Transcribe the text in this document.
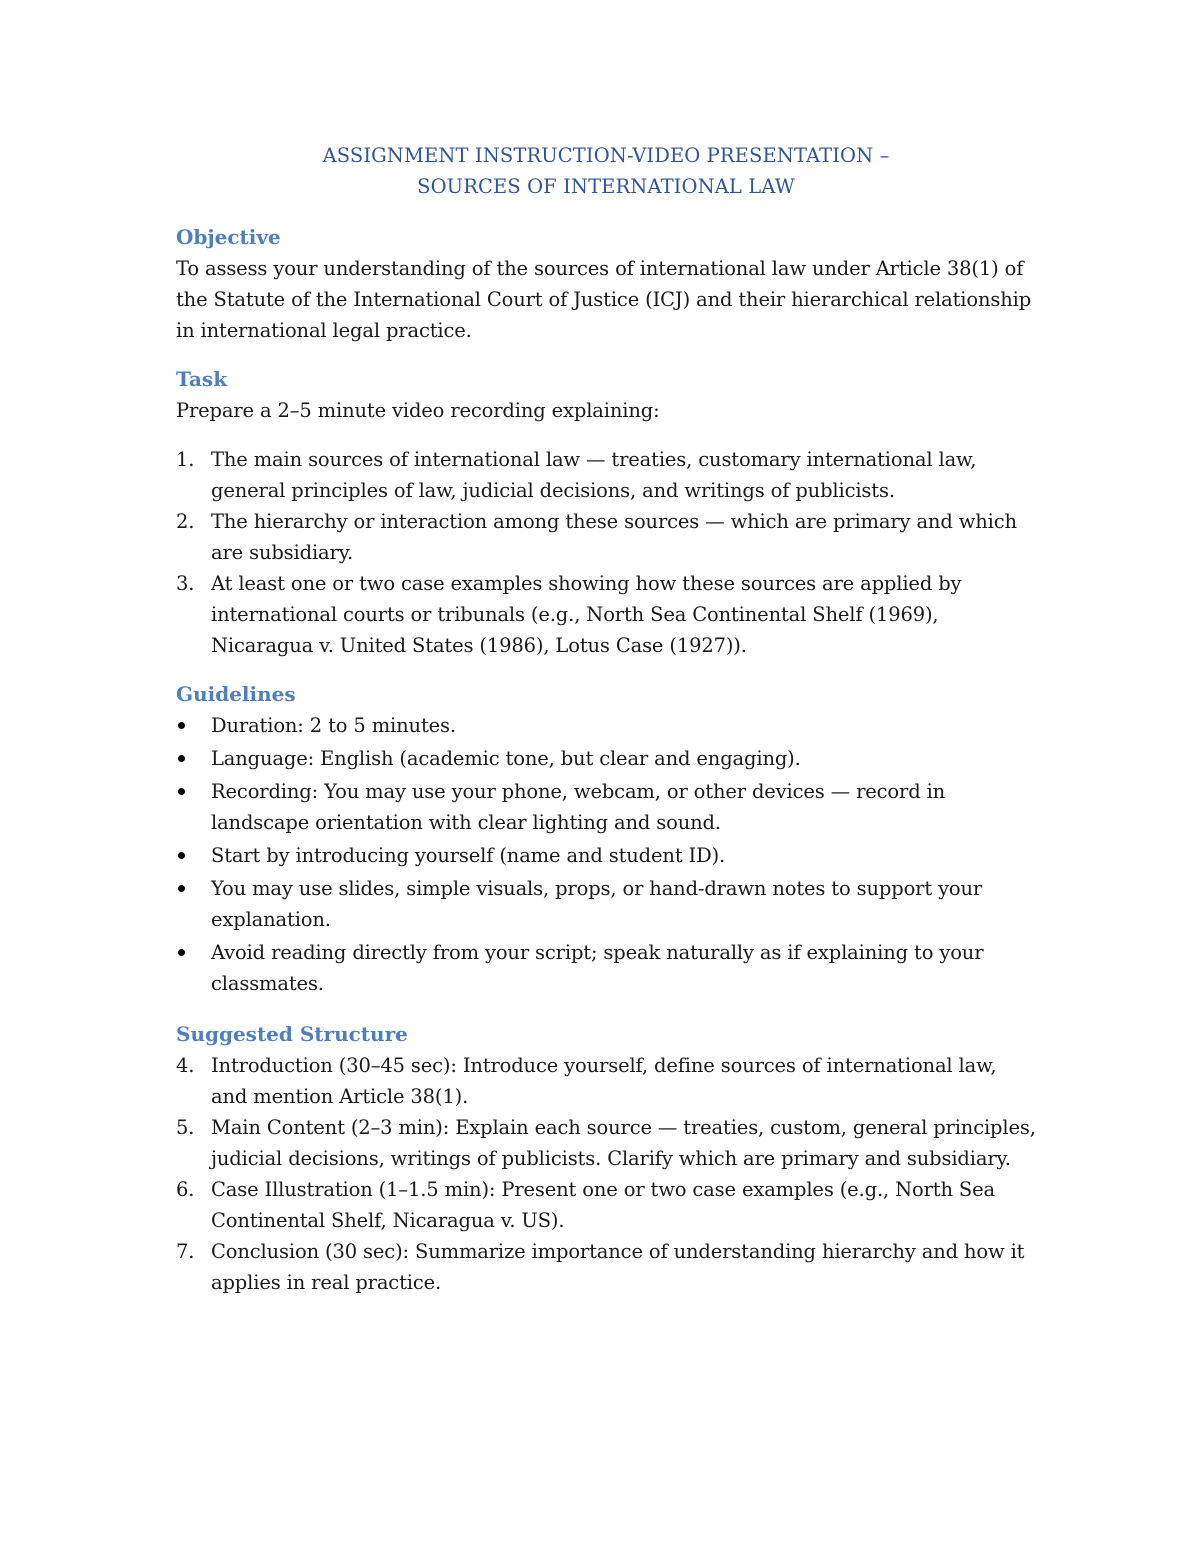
ASSIGNMENT INSTRUCTION-VIDEO PRESENTATION –
SOURCES OF INTERNATIONAL LAW
Objective

To assess your understanding of the sources of international law under Article 38(1) of the Statute of the International Court of Justice (ICJ) and their hierarchical relationship in international legal practice.

Task

Prepare a 2–5 minute video recording explaining:

1. The main sources of international law — treaties, customary international law, general principles of law, judicial decisions, and writings of publicists.
2. The hierarchy or interaction among these sources — which are primary and which are subsidiary.
3. At least one or two case examples showing how these sources are applied by international courts or tribunals (e.g., North Sea Continental Shelf (1969), Nicaragua v. United States (1986), Lotus Case (1927)).
Guidelines
Duration: 2 to 5 minutes.
Language: English (academic tone, but clear and engaging).
Recording: You may use your phone, webcam, or other devices — record in landscape orientation with clear lighting and sound.
Start by introducing yourself (name and student ID).
You may use slides, simple visuals, props, or hand-drawn notes to support your explanation.
Avoid reading directly from your script; speak naturally as if explaining to your classmates.
Suggested Structure
4. Introduction (30–45 sec): Introduce yourself, define sources of international law, and mention Article 38(1).
5. Main Content (2–3 min): Explain each source — treaties, custom, general principles, judicial decisions, writings of publicists. Clarify which are primary and subsidiary.
6. Case Illustration (1–1.5 min): Present one or two case examples (e.g., North Sea Continental Shelf, Nicaragua v. US).
7. Conclusion (30 sec): Summarize importance of understanding hierarchy and how it applies in real practice.
